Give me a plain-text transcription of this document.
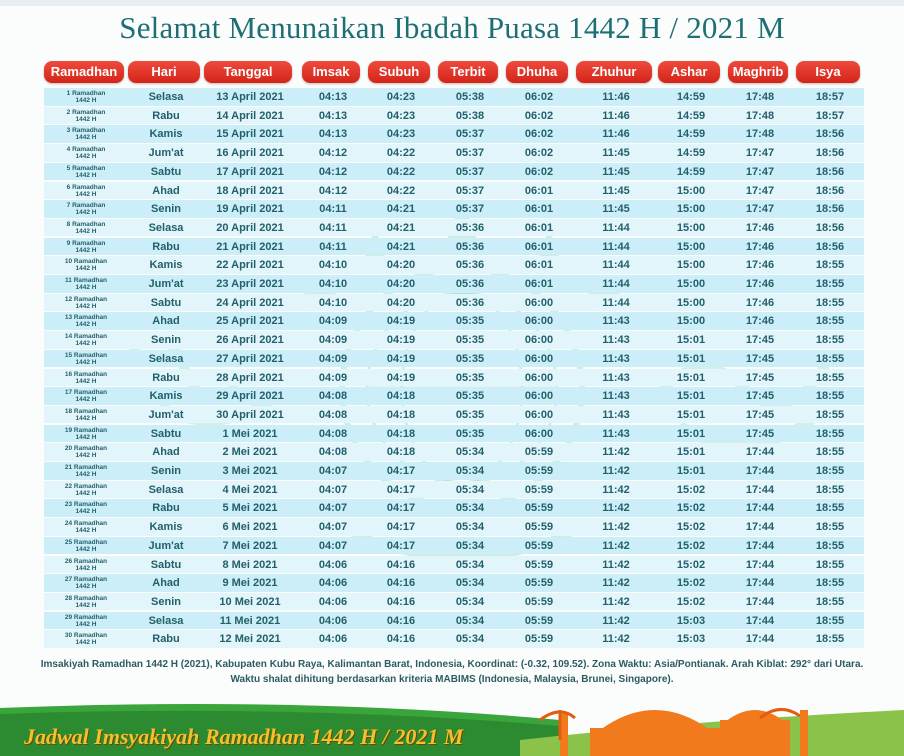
Selamat Menunaikan Ibadah Puasa 1442 H / 2021 M
Ramadhan	Hari	Tanggal	Imsak	Subuh	Terbit	Dhuha	Zhuhur	Ashar	Maghrib	Isya
1 Ramadhan
1442 H	Selasa	13 April 2021	04:13	04:23	05:38	06:02	11:46	14:59	17:48	18:57
2 Ramadhan
1442 H	Rabu	14 April 2021	04:13	04:23	05:38	06:02	11:46	14:59	17:48	18:57
3 Ramadhan
1442 H	Kamis	15 April 2021	04:13	04:23	05:37	06:02	11:46	14:59	17:48	18:56
4 Ramadhan
1442 H	Jum'at	16 April 2021	04:12	04:22	05:37	06:02	11:45	14:59	17:47	18:56
5 Ramadhan
1442 H	Sabtu	17 April 2021	04:12	04:22	05:37	06:02	11:45	14:59	17:47	18:56
6 Ramadhan
1442 H	Ahad	18 April 2021	04:12	04:22	05:37	06:01	11:45	15:00	17:47	18:56
7 Ramadhan
1442 H	Senin	19 April 2021	04:11	04:21	05:37	06:01	11:45	15:00	17:47	18:56
8 Ramadhan
1442 H	Selasa	20 April 2021	04:11	04:21	05:36	06:01	11:44	15:00	17:46	18:56
9 Ramadhan
1442 H	Rabu	21 April 2021	04:11	04:21	05:36	06:01	11:44	15:00	17:46	18:56
10 Ramadhan
1442 H	Kamis	22 April 2021	04:10	04:20	05:36	06:01	11:44	15:00	17:46	18:55
11 Ramadhan
1442 H	Jum'at	23 April 2021	04:10	04:20	05:36	06:01	11:44	15:00	17:46	18:55
12 Ramadhan
1442 H	Sabtu	24 April 2021	04:10	04:20	05:36	06:00	11:44	15:00	17:46	18:55
13 Ramadhan
1442 H	Ahad	25 April 2021	04:09	04:19	05:35	06:00	11:43	15:00	17:46	18:55
14 Ramadhan
1442 H	Senin	26 April 2021	04:09	04:19	05:35	06:00	11:43	15:01	17:45	18:55
15 Ramadhan
1442 H	Selasa	27 April 2021	04:09	04:19	05:35	06:00	11:43	15:01	17:45	18:55
16 Ramadhan
1442 H	Rabu	28 April 2021	04:09	04:19	05:35	06:00	11:43	15:01	17:45	18:55
17 Ramadhan
1442 H	Kamis	29 April 2021	04:08	04:18	05:35	06:00	11:43	15:01	17:45	18:55
18 Ramadhan
1442 H	Jum'at	30 April 2021	04:08	04:18	05:35	06:00	11:43	15:01	17:45	18:55
19 Ramadhan
1442 H	Sabtu	1 Mei 2021	04:08	04:18	05:35	06:00	11:43	15:01	17:45	18:55
20 Ramadhan
1442 H	Ahad	2 Mei 2021	04:08	04:18	05:34	05:59	11:42	15:01	17:44	18:55
21 Ramadhan
1442 H	Senin	3 Mei 2021	04:07	04:17	05:34	05:59	11:42	15:01	17:44	18:55
22 Ramadhan
1442 H	Selasa	4 Mei 2021	04:07	04:17	05:34	05:59	11:42	15:02	17:44	18:55
23 Ramadhan
1442 H	Rabu	5 Mei 2021	04:07	04:17	05:34	05:59	11:42	15:02	17:44	18:55
24 Ramadhan
1442 H	Kamis	6 Mei 2021	04:07	04:17	05:34	05:59	11:42	15:02	17:44	18:55
25 Ramadhan
1442 H	Jum'at	7 Mei 2021	04:07	04:17	05:34	05:59	11:42	15:02	17:44	18:55
26 Ramadhan
1442 H	Sabtu	8 Mei 2021	04:06	04:16	05:34	05:59	11:42	15:02	17:44	18:55
27 Ramadhan
1442 H	Ahad	9 Mei 2021	04:06	04:16	05:34	05:59	11:42	15:02	17:44	18:55
28 Ramadhan
1442 H	Senin	10 Mei 2021	04:06	04:16	05:34	05:59	11:42	15:02	17:44	18:55
29 Ramadhan
1442 H	Selasa	11 Mei 2021	04:06	04:16	05:34	05:59	11:42	15:03	17:44	18:55
30 Ramadhan
1442 H	Rabu	12 Mei 2021	04:06	04:16	05:34	05:59	11:42	15:03	17:44	18:55
Imsakiyah Ramadhan 1442 H (2021), Kabupaten Kubu Raya, Kalimantan Barat, Indonesia, Koordinat: (-0.32, 109.52). Zona Waktu: Asia/Pontianak. Arah Kiblat: 292° dari Utara.
Waktu shalat dihitung berdasarkan kriteria MABIMS (Indonesia, Malaysia, Brunei, Singapore).
Jadwal Imsyakiyah Ramadhan 1442 H / 2021 M
